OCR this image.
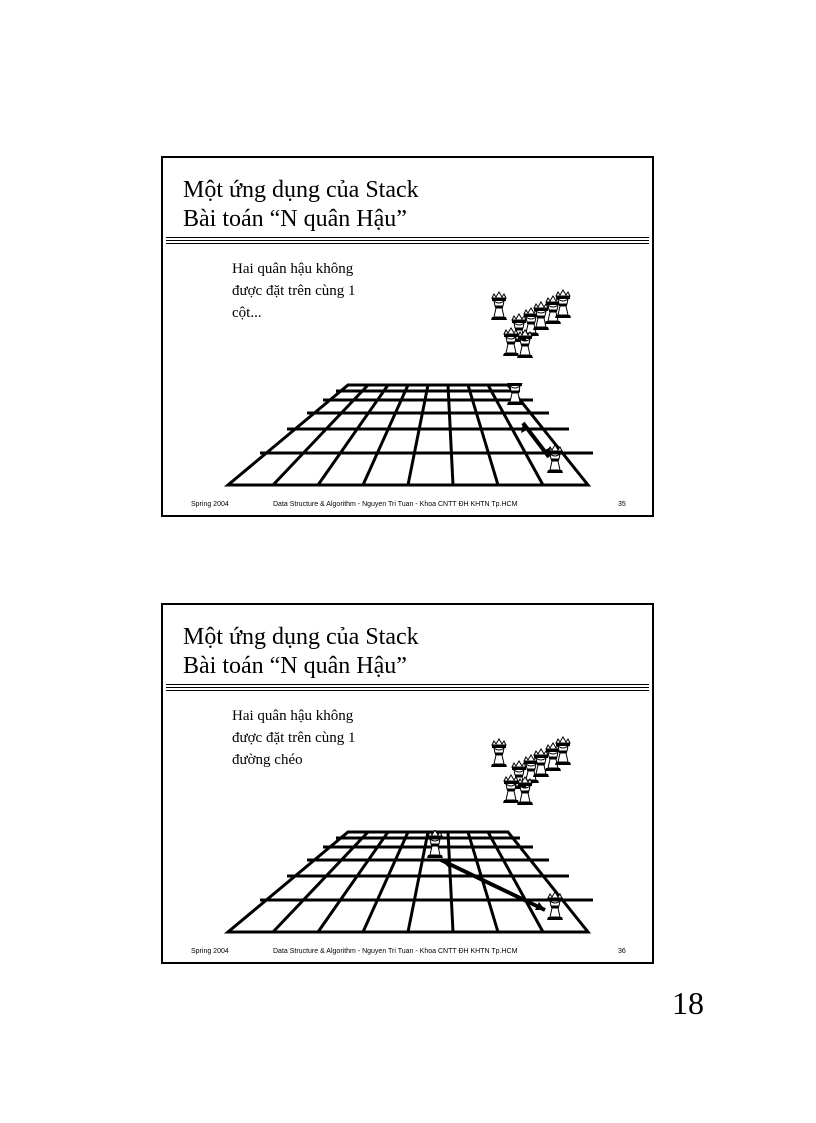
Một ứng dụng của Stack
Bài toán “N quân Hậu”
Hai quân hậu không
được đặt trên cùng 1
cột...
Spring 2004	Data Structure & Algorithm - Nguyen Tri Tuan - Khoa CNTT ĐH KHTN Tp.HCM	35
Một ứng dụng của Stack
Bài toán “N quân Hậu”
Hai quân hậu không
được đặt trên cùng 1
đường chéo
Spring 2004	Data Structure & Algorithm - Nguyen Tri Tuan - Khoa CNTT ĐH KHTN Tp.HCM	36
18
